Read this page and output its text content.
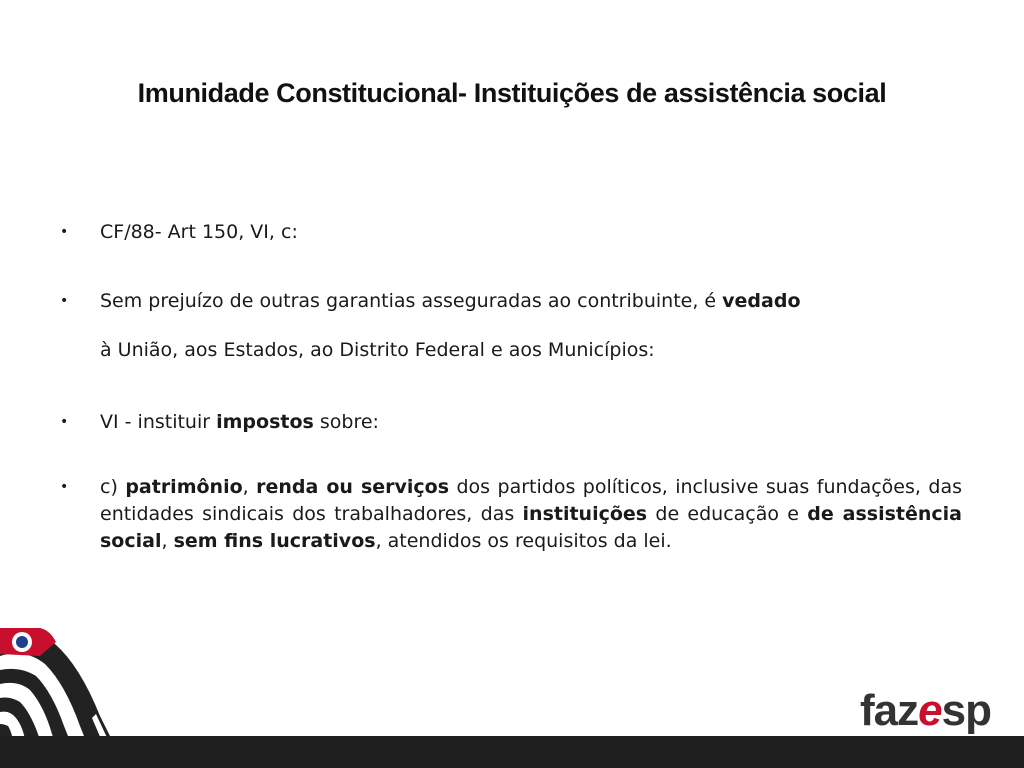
Imunidade Constitucional- Instituições de assistência social
• CF/88- Art 150, VI, c:
• Sem prejuízo de outras garantias asseguradas ao contribuinte, é vedado
à União, aos Estados, ao Distrito Federal e aos Municípios:
• VI - instituir impostos sobre:
• c) patrimônio, renda ou serviços dos partidos políticos, inclusive suas fundações, das entidades sindicais dos trabalhadores, das instituições de educação e de assistência social, sem fins lucrativos, atendidos os requisitos da lei.
fazesp
